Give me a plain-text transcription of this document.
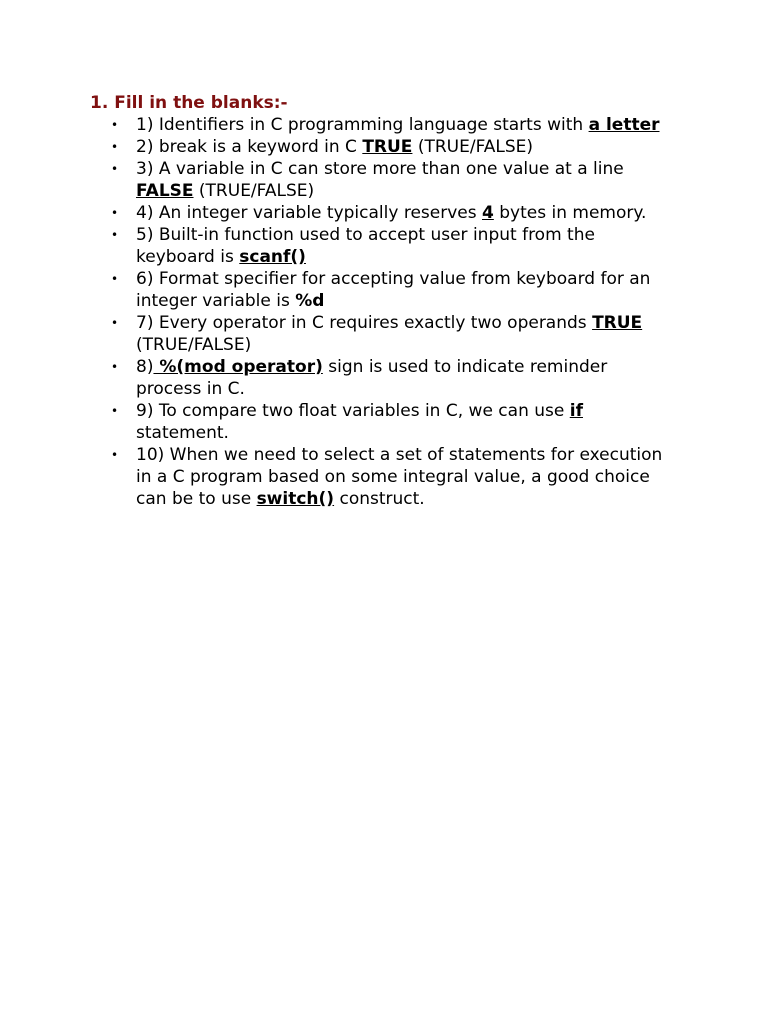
1. Fill in the blanks:-
• 1) Identifiers in C programming language starts with a letter
• 2) break is a keyword in C TRUE (TRUE/FALSE)
• 3) A variable in C can store more than one value at a line FALSE (TRUE/FALSE)
• 4) An integer variable typically reserves 4 bytes in memory.
• 5) Built-in function used to accept user input from the keyboard is scanf()
• 6) Format specifier for accepting value from keyboard for an integer variable is %d
• 7) Every operator in C requires exactly two operands TRUE (TRUE/FALSE)
• 8) %(mod operator) sign is used to indicate reminder process in C.
• 9) To compare two float variables in C, we can use if statement.
• 10) When we need to select a set of statements for execution in a C program based on some integral value, a good choice can be to use switch() construct.
